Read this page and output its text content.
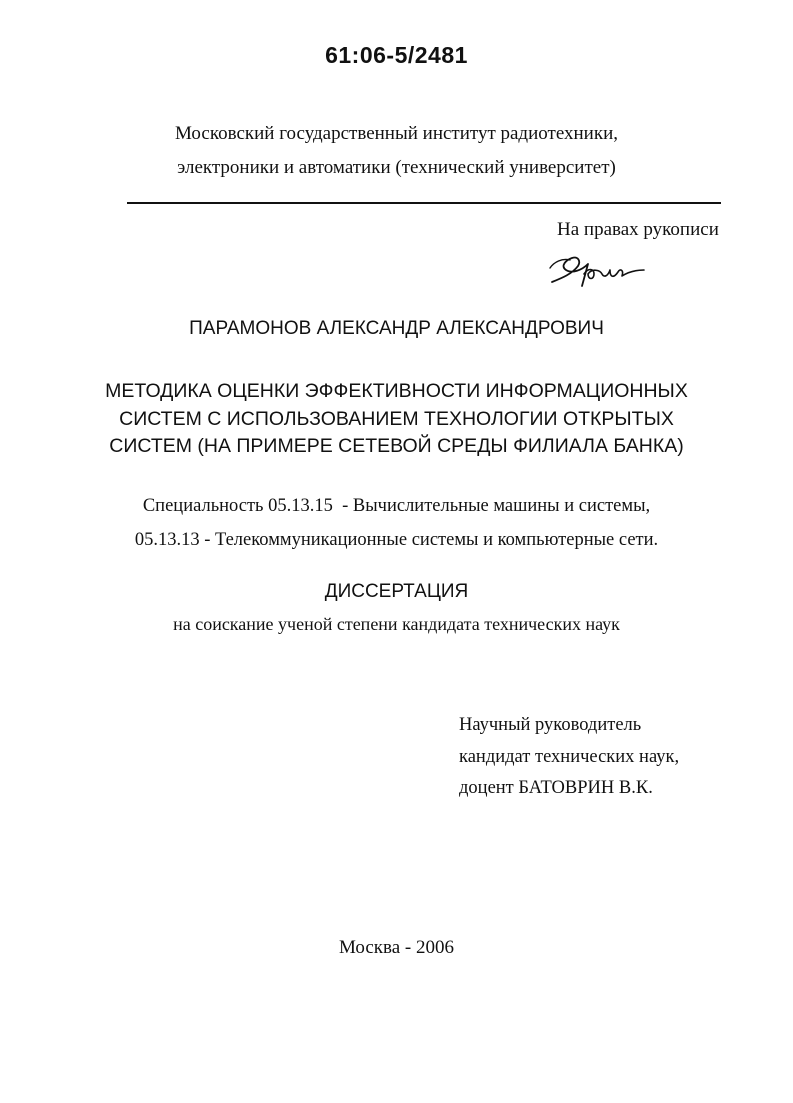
61:06-5/2481
Московский государственный институт радиотехники,
электроники и автоматики (технический университет)
На правах рукописи
ПАРАМОНОВ АЛЕКСАНДР АЛЕКСАНДРОВИЧ
МЕТОДИКА ОЦЕНКИ ЭФФЕКТИВНОСТИ ИНФОРМАЦИОННЫХ
СИСТЕМ С ИСПОЛЬЗОВАНИЕМ ТЕХНОЛОГИИ ОТКРЫТЫХ
СИСТЕМ (НА ПРИМЕРЕ СЕТЕВОЙ СРЕДЫ ФИЛИАЛА БАНКА)
Специальность 05.13.15  - Вычислительные машины и системы,
05.13.13 - Телекоммуникационные системы и компьютерные сети.
ДИССЕРТАЦИЯ
на соискание ученой степени кандидата технических наук
Научный руководитель
кандидат технических наук,
доцент БАТОВРИН В.К.
Москва - 2006
